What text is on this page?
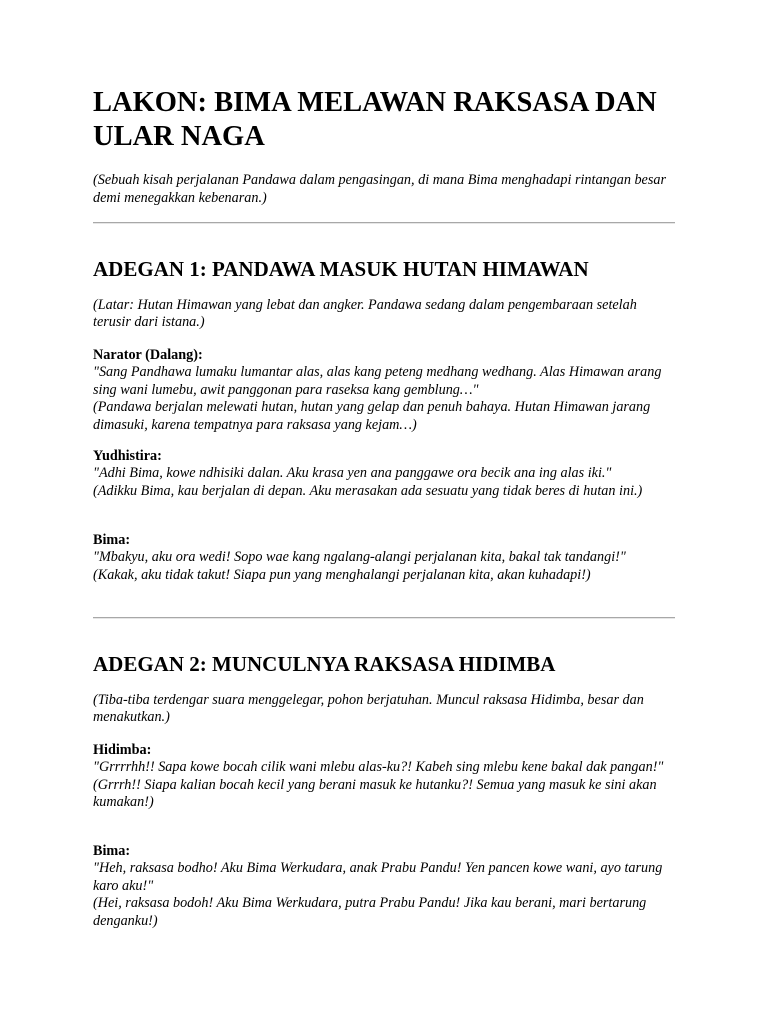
LAKON: BIMA MELAWAN RAKSASA DAN ULAR NAGA

(Sebuah kisah perjalanan Pandawa dalam pengasingan, di mana Bima menghadapi rintangan besar demi menegakkan kebenaran.)

ADEGAN 1: PANDAWA MASUK HUTAN HIMAWAN
(Latar: Hutan Himawan yang lebat dan angker. Pandawa sedang dalam pengembaraan setelah terusir dari istana.)
Narator (Dalang):
"Sang Pandhawa lumaku lumantar alas, alas kang peteng medhang wedhang. Alas Himawan arang sing wani lumebu, awit panggonan para raseksa kang gemblung…"
(Pandawa berjalan melewati hutan, hutan yang gelap dan penuh bahaya. Hutan Himawan jarang dimasuki, karena tempatnya para raksasa yang kejam…)
Yudhistira:
"Adhi Bima, kowe ndhisiki dalan. Aku krasa yen ana panggawe ora becik ana ing alas iki."
(Adikku Bima, kau berjalan di depan. Aku merasakan ada sesuatu yang tidak beres di hutan ini.)
Bima:
"Mbakyu, aku ora wedi! Sopo wae kang ngalang-alangi perjalanan kita, bakal tak tandangi!"
(Kakak, aku tidak takut! Siapa pun yang menghalangi perjalanan kita, akan kuhadapi!)
ADEGAN 2: MUNCULNYA RAKSASA HIDIMBA
(Tiba-tiba terdengar suara menggelegar, pohon berjatuhan. Muncul raksasa Hidimba, besar dan menakutkan.)
Hidimba:
"Grrrrhh!! Sapa kowe bocah cilik wani mlebu alas-ku?! Kabeh sing mlebu kene bakal dak pangan!"
(Grrrh!! Siapa kalian bocah kecil yang berani masuk ke hutanku?! Semua yang masuk ke sini akan kumakan!)
Bima:
"Heh, raksasa bodho! Aku Bima Werkudara, anak Prabu Pandu! Yen pancen kowe wani, ayo tarung karo aku!"
(Hei, raksasa bodoh! Aku Bima Werkudara, putra Prabu Pandu! Jika kau berani, mari bertarung denganku!)
